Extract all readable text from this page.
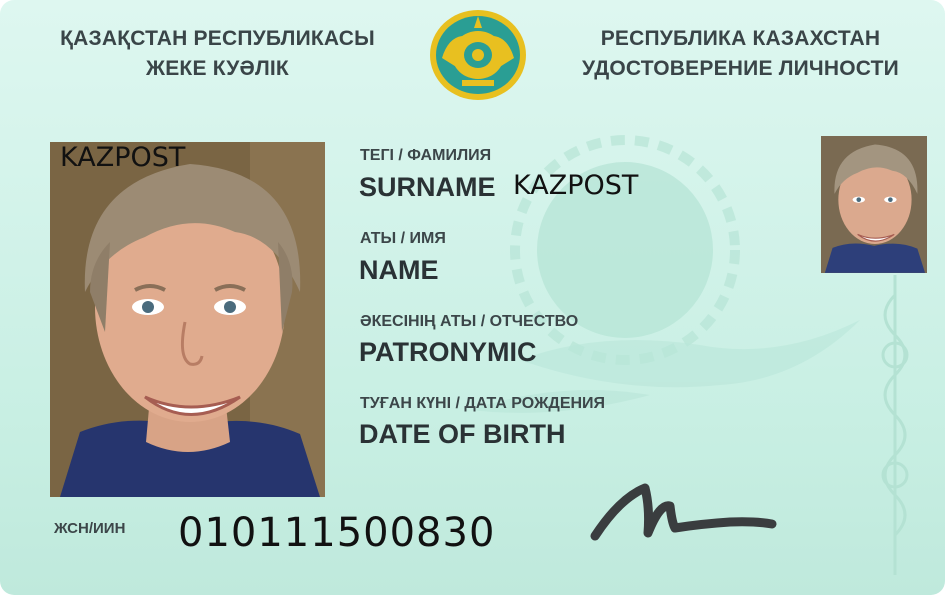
ҚАЗАҚСТАН РЕСПУБЛИКАСЫ
ЖЕКЕ КУӘЛІК
РЕСПУБЛИКА КАЗАХСТАН
УДОСТОВЕРЕНИЕ ЛИЧНОСТИ
KAZPOST	ТЕГІ / ФАМИЛИЯ
SURNAME KAZPOST
АТЫ / ИМЯ
NAME
ӘКЕСІНІҢ АТЫ / ОТЧЕСТВО
PATRONYMIC
ТУҒАН КҮНІ / ДАТА РОЖДЕНИЯ
DATE OF BIRTH
ЖСН/ИИН 010111500830
